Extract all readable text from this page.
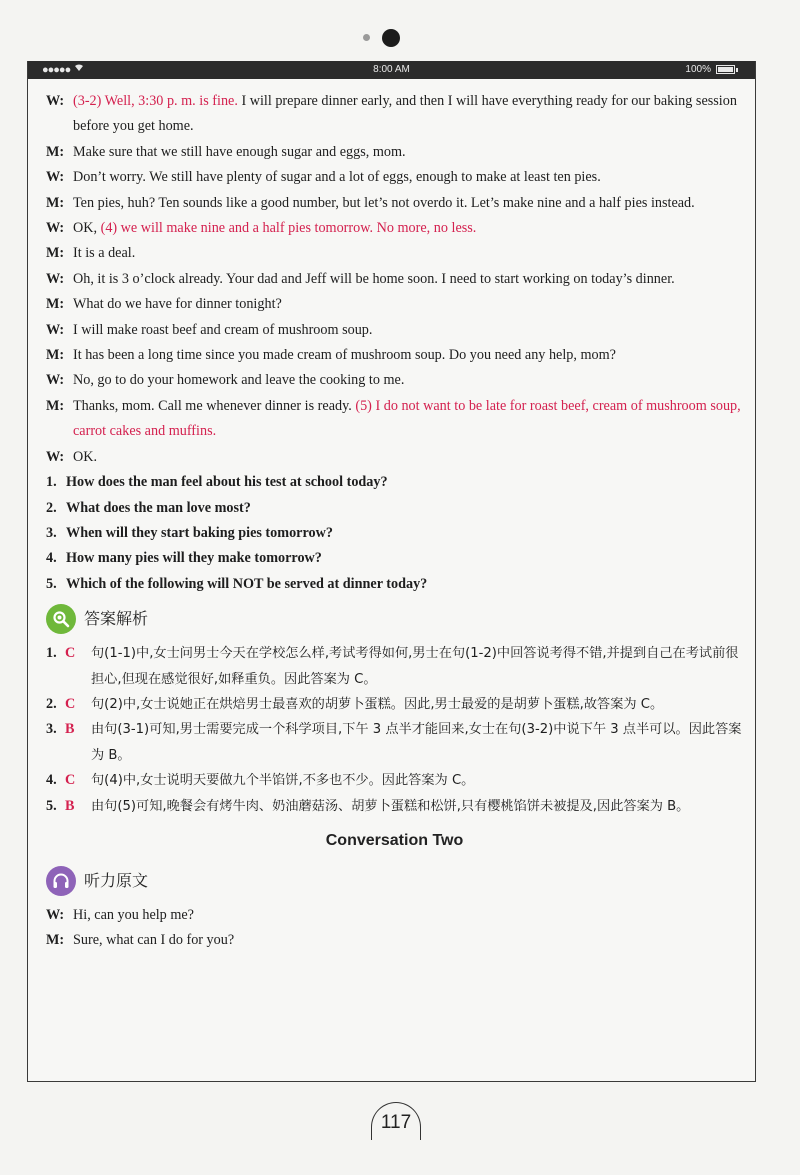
●●●●●	8:00 AM	100%
W: (3-2) Well, 3:30 p. m. is fine. I will prepare dinner early, and then I will have everything ready for our baking session before you get home.
M: Make sure that we still have enough sugar and eggs, mom.
W: Don’t worry. We still have plenty of sugar and a lot of eggs, enough to make at least ten pies.
M: Ten pies, huh? Ten sounds like a good number, but let’s not overdo it. Let’s make nine and a half pies instead.
W: OK, (4) we will make nine and a half pies tomorrow. No more, no less.
M: It is a deal.
W: Oh, it is 3 o’clock already. Your dad and Jeff will be home soon. I need to start working on today’s dinner.
M: What do we have for dinner tonight?
W: I will make roast beef and cream of mushroom soup.
M: It has been a long time since you made cream of mushroom soup. Do you need any help, mom?
W: No, go to do your homework and leave the cooking to me.
M: Thanks, mom. Call me whenever dinner is ready. (5) I do not want to be late for roast beef, cream of mushroom soup, carrot cakes and muffins.
W: OK.
1. How does the man feel about his test at school today?
2. What does the man love most?
3. When will they start baking pies tomorrow?
4. How many pies will they make tomorrow?
5. Which of the following will NOT be served at dinner today?
答案解析
1. C 句(1-1)中,女士问男士今天在学校怎么样,考试考得如何,男士在句(1-2)中回答说考得不错,并提到自己在考试前很担心,但现在感觉很好,如释重负。因此答案为 C。
2. C 句(2)中,女士说她正在烘焙男士最喜欢的胡萝卜蛋糕。因此,男士最爱的是胡萝卜蛋糕,故答案为 C。
3. B 由句(3-1)可知,男士需要完成一个科学项目,下午 3 点半才能回来,女士在句(3-2)中说下午 3 点半可以。因此答案为 B。
4. C 句(4)中,女士说明天要做九个半馅饼,不多也不少。因此答案为 C。
5. B 由句(5)可知,晚餐会有烤牛肉、奶油蘑菇汤、胡萝卜蛋糕和松饼,只有樱桃馅饼未被提及,因此答案为 B。
Conversation Two
听力原文
W: Hi, can you help me?
M: Sure, what can I do for you?
117
